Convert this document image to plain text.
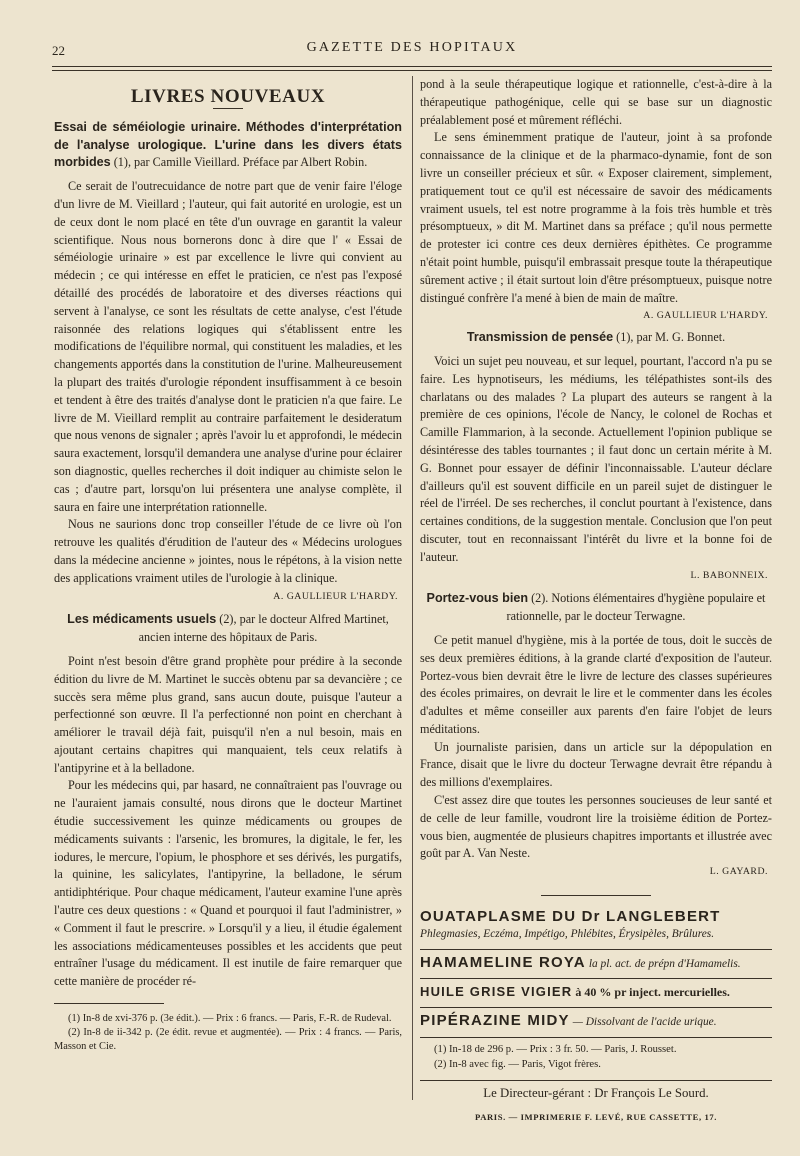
22	GAZETTE DES HOPITAUX
LIVRES NOUVEAUX

Essai de séméiologie urinaire. Méthodes d'interprétation de l'analyse urologique. L'urine dans les divers états morbides (1), par Camille Vieillard. Préface par Albert Robin.

Ce serait de l'outrecuidance de notre part que de venir faire l'éloge d'un livre de M. Vieillard ; l'auteur, qui fait autorité en urologie, est un de ceux dont le nom placé en tête d'un ouvrage en garantit la valeur scientifique. Nous nous bornerons donc à dire que l' « Essai de séméiologie urinaire » est par excellence le livre qui convient au médecin ; ce qui intéresse en effet le praticien, ce n'est pas l'exposé détaillé des procédés de laboratoire et des diverses réactions qui servent à l'analyse, ce sont les résultats de cette analyse, c'est l'étude raisonnée des relations logiques qui s'établissent entre les modifications de l'équilibre normal, qui constituent les maladies, et les changements apportés dans la constitution de l'urine. Malheureusement la plupart des traités d'urologie répondent insuffisamment à ce besoin et tendent à être des traités d'analyse dont le praticien n'a que faire. Le livre de M. Vieillard remplit au contraire parfaitement le desideratum que nous venons de signaler ; après l'avoir lu et approfondi, le médecin saura exactement, lorsqu'il demandera une analyse d'urine pour éclairer son diagnostic, quelles recherches il doit indiquer au chimiste selon le cas ; d'autre part, lorsqu'on lui présentera une analyse complète, il saura en faire une interprétation rationnelle.

Nous ne saurions donc trop conseiller l'étude de ce livre où l'on retrouve les qualités d'érudition de l'auteur des « Médecins urologues dans la médecine ancienne » jointes, nous le répétons, à la vision nette des applications vraiment utiles de l'urologie à la clinique.

A. GAULLIEUR L'HARDY.

Les médicaments usuels (2), par le docteur Alfred Martinet, ancien interne des hôpitaux de Paris.

Point n'est besoin d'être grand prophète pour prédire à la seconde édition du livre de M. Martinet le succès obtenu par sa devancière ; ce succès sera même plus grand, sans aucun doute, puisque l'auteur a perfectionné son œuvre. Il l'a perfectionné non point en cherchant à améliorer le travail déjà fait, puisqu'il n'en a nul besoin, mais en ajoutant certains chapitres qui manquaient, tels ceux relatifs à l'antipyrine et à la belladone.

Pour les médecins qui, par hasard, ne connaîtraient pas l'ouvrage ou ne l'auraient jamais consulté, nous dirons que le docteur Martinet étudie successivement les quinze médicaments ou groupes de médicaments suivants : l'arsenic, les bromures, la digitale, le fer, les iodures, le mercure, l'opium, le phosphore et ses dérivés, les purgatifs, la quinine, les salicylates, l'antipyrine, la belladone, le sérum antidiphtérique. Pour chaque médicament, l'auteur examine l'une après l'autre ces deux questions : « Quand et pourquoi il faut l'administrer, » « Comment il faut le prescrire. » Lorsqu'il y a lieu, il étudie également les associations médicamenteuses possibles et les accidents que peut entraîner l'usage du médicament. Il est inutile de faire remarquer que cette manière de procéder ré-

(1) In-8 de xvi-376 p. (3e édit.). — Prix : 6 francs. — Paris, F.-R. de Rudeval.

(2) In-8 de ii-342 p. (2e édit. revue et augmentée). — Prix : 4 francs. — Paris, Masson et Cie.

pond à la seule thérapeutique logique et rationnelle, c'est-à-dire à la thérapeutique pathogénique, celle qui se base sur un diagnostic préalablement posé et mûrement réfléchi.

Le sens éminemment pratique de l'auteur, joint à sa profonde connaissance de la clinique et de la pharmaco-dynamie, font de son livre un conseiller précieux et sûr. « Exposer clairement, simplement, pratiquement tout ce qu'il est nécessaire de savoir des médicaments vraiment usuels, tel est notre programme à la fois très humble et très présomptueux, » dit M. Martinet dans sa préface ; qu'il nous permette de protester ici contre ces deux dernières épithètes. Ce programme n'était point humble, puisqu'il embrassait presque toute la thérapeutique sûrement active ; il était surtout loin d'être présomptueux, puisque notre distingué confrère l'a mené à bien de main de maître.

A. GAULLIEUR L'HARDY.

Transmission de pensée (1), par M. G. Bonnet.

Voici un sujet peu nouveau, et sur lequel, pourtant, l'accord n'a pu se faire. Les hypnotiseurs, les médiums, les télépathistes sont-ils des charlatans ou des malades ? La plupart des auteurs se rangent à la première de ces opinions, l'école de Nancy, le colonel de Rochas et Camille Flammarion, à la seconde. Actuellement l'opinion publique se désintéresse des tables tournantes ; il faut donc un certain mérite à M. G. Bonnet pour essayer de définir l'inconnaissable. L'auteur déclare d'ailleurs qu'il est souvent difficile en un pareil sujet de distinguer le réel de l'irréel. De ses recherches, il conclut pourtant à l'existence, dans certaines conditions, de la suggestion mentale. Conclusion que l'on peut discuter, tout en reconnaissant l'intérêt du livre et la bonne foi de l'auteur.

L. BABONNEIX.

Portez-vous bien (2). Notions élémentaires d'hygiène populaire et rationnelle, par le docteur Terwagne.

Ce petit manuel d'hygiène, mis à la portée de tous, doit le succès de ses deux premières éditions, à la grande clarté d'exposition de l'auteur. Portez-vous bien devrait être le livre de lecture des classes supérieures des écoles primaires, on devrait le lire et le commenter dans les écoles d'adultes et même conseiller aux parents d'en faire l'objet de leurs méditations.

Un journaliste parisien, dans un article sur la dépopulation en France, disait que le livre du docteur Terwagne devrait être répandu à des millions d'exemplaires.

C'est assez dire que toutes les personnes soucieuses de leur santé et de celle de leur famille, voudront lire la troisième édition de Portez-vous bien, augmentée de plusieurs chapitres importants et illustrée avec goût par A. Van Neste.

L. GAYARD.

OUATAPLASME DU Dr LANGLEBERT
Phlegmasies, Eczéma, Impétigo, Phlébites, Érysipèles, Brûlures.
HAMAMELINE ROYA la pl. act. de prépn d'Hamamelis.
HUILE GRISE VIGIER à 40 % pr inject. mercurielles.
PIPÉRAZINE MIDY — Dissolvant de l'acide urique.

(1) In-18 de 296 p. — Prix : 3 fr. 50. — Paris, J. Rousset.

(2) In-8 avec fig. — Paris, Vigot frères.

Le Directeur-gérant : Dr François Le Sourd.
PARIS. — IMPRIMERIE F. LEVÉ, RUE CASSETTE, 17.
